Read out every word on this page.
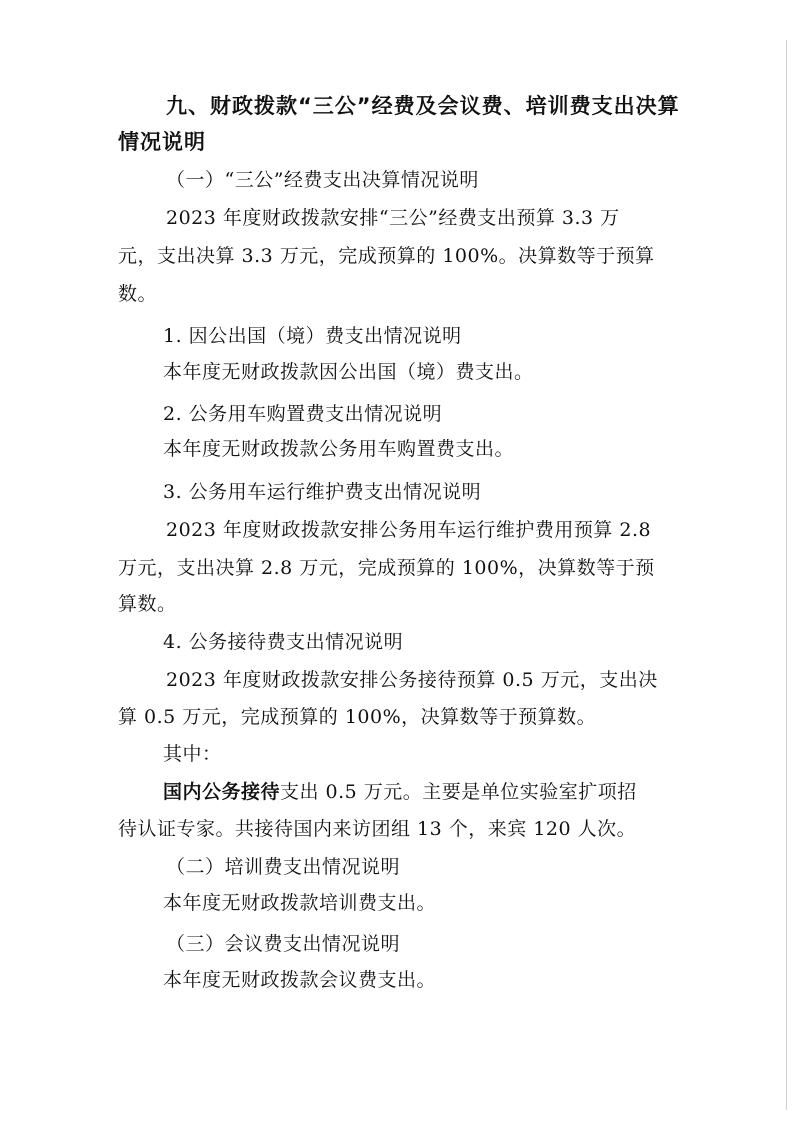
九、财政拨款“三公”经费及会议费、培训费支出决算
情况说明
（一）“三公”经费支出决算情况说明
2023 年度财政拨款安排“三公”经费支出预算 3.3 万
元，支出决算 3.3 万元，完成预算的 100%。决算数等于预算
数。
1. 因公出国（境）费支出情况说明
本年度无财政拨款因公出国（境）费支出。
2. 公务用车购置费支出情况说明
本年度无财政拨款公务用车购置费支出。
3. 公务用车运行维护费支出情况说明
2023 年度财政拨款安排公务用车运行维护费用预算 2.8
万元，支出决算 2.8 万元，完成预算的 100%，决算数等于预
算数。
4. 公务接待费支出情况说明
2023 年度财政拨款安排公务接待预算 0.5 万元，支出决
算 0.5 万元，完成预算的 100%，决算数等于预算数。
其中：
国内公务接待支出 0.5 万元。主要是单位实验室扩项招
待认证专家。共接待国内来访团组 13 个，来宾 120 人次。
（二）培训费支出情况说明
本年度无财政拨款培训费支出。
（三）会议费支出情况说明
本年度无财政拨款会议费支出。
